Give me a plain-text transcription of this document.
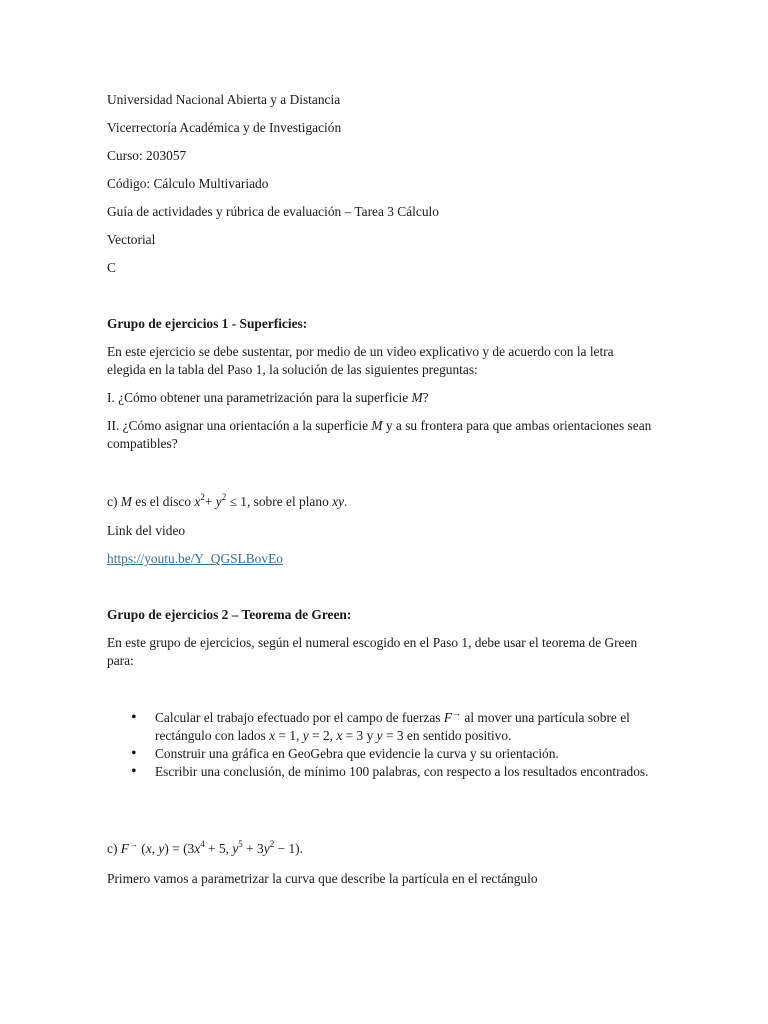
Universidad Nacional Abierta y a Distancia

Vicerrectoría Académica y de Investigación

Curso: 203057

Código: Cálculo Multivariado

Guía de actividades y rúbrica de evaluación – Tarea 3 Cálculo

Vectorial

C

Grupo de ejercicios 1 - Superficies:

En este ejercicio se debe sustentar, por medio de un video explicativo y de acuerdo con la letra elegida en la tabla del Paso 1, la solución de las siguientes preguntas:

I. ¿Cómo obtener una parametrización para la superficie M?

II. ¿Cómo asignar una orientación a la superficie M y a su frontera para que ambas orientaciones sean compatibles?

c) M es el disco $x^2+ y^2 \le 1$, sobre el plano xy.

Link del video

https://youtu.be/Y_QGSLBovEo

Grupo de ejercicios 2 – Teorema de Green:

En este grupo de ejercicios, según el numeral escogido en el Paso 1, debe usar el teorema de Green para:

• Calcular el trabajo efectuado por el campo de fuerzas F→ al mover una partícula sobre el rectángulo con lados x = 1, y = 2, x = 3 y y = 3 en sentido positivo.
• Construir una gráfica en GeoGebra que evidencie la curva y su orientación.
• Escribir una conclusión, de mínimo 100 palabras, con respecto a los resultados encontrados.

c) F→ (x, $y) = (3x^4 + 5$, $y^5 + 3y^2 - 1$).

Primero vamos a parametrizar la curva que describe la partícula en el rectángulo
